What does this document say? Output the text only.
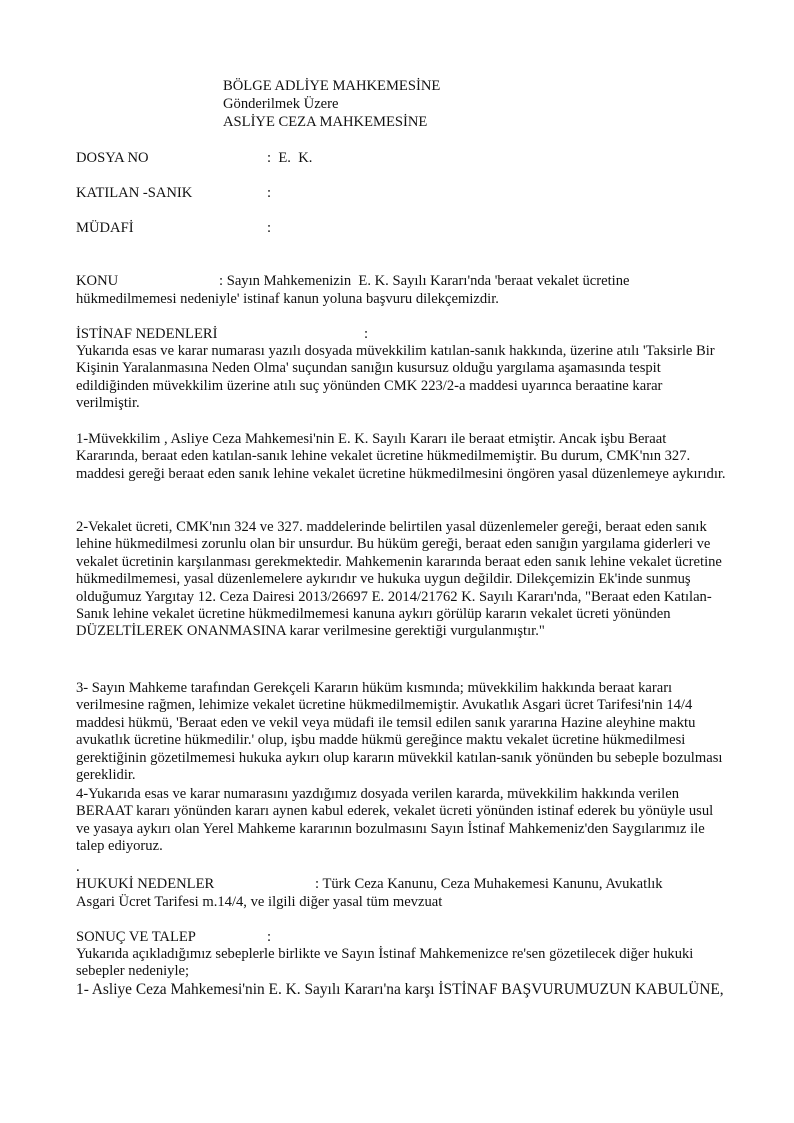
BÖLGE ADLİYE MAHKEMESİNE

Gönderilmek Üzere

ASLİYE CEZA MAHKEMESİNE

DOSYA NO	:  E.  K.

KATILAN -SANIK	:

MÜDAFİ	:

KONU	: Sayın Mahkemenizin  E. K. Sayılı Kararı'nda 'beraat vekalet ücretine

hükmedilmemesi nedeniyle' istinaf kanun yoluna başvuru dilekçemizdir.

İSTİNAF NEDENLERİ	:

Yukarıda esas ve karar numarası yazılı dosyada müvekkilim katılan-sanık hakkında, üzerine atılı 'Taksirle Bir Kişinin Yaralanmasına Neden Olma' suçundan sanığın kusursuz olduğu yargılama aşamasında tespit edildiğinden müvekkilim üzerine atılı suç yönünden CMK 223/2-a maddesi uyarınca beraatine karar verilmiştir.

1-Müvekkilim , Asliye Ceza Mahkemesi'nin E. K. Sayılı Kararı ile beraat etmiştir. Ancak işbu Beraat Kararında, beraat eden katılan-sanık lehine vekalet ücretine hükmedilmemiştir. Bu durum, CMK'nın 327. maddesi gereği beraat eden sanık lehine vekalet ücretine hükmedilmesini öngören yasal düzenlemeye aykırıdır.

2-Vekalet ücreti, CMK'nın 324 ve 327. maddelerinde belirtilen yasal düzenlemeler gereği, beraat eden sanık lehine hükmedilmesi zorunlu olan bir unsurdur. Bu hüküm gereği, beraat eden sanığın yargılama giderleri ve vekalet ücretinin karşılanması gerekmektedir. Mahkemenin kararında beraat eden sanık lehine vekalet ücretine hükmedilmemesi, yasal düzenlemelere aykırıdır ve hukuka uygun değildir. Dilekçemizin Ek'inde sunmuş olduğumuz Yargıtay 12. Ceza Dairesi 2013/26697 E. 2014/21762 K. Sayılı Kararı'nda, "Beraat eden Katılan-Sanık lehine vekalet ücretine hükmedilmemesi kanuna aykırı görülüp kararın vekalet ücreti yönünden DÜZELTİLEREK ONANMASINA karar verilmesine gerektiği vurgulanmıştır."

3- Sayın Mahkeme tarafından Gerekçeli Kararın hüküm kısmında; müvekkilim hakkında beraat kararı verilmesine rağmen, lehimize vekalet ücretine hükmedilmemiştir. Avukatlık Asgari ücret Tarifesi'nin 14/4 maddesi hükmü, 'Beraat eden ve vekil veya müdafi ile temsil edilen sanık yararına Hazine aleyhine maktu avukatlık ücretine hükmedilir.' olup, işbu madde hükmü gereğince maktu vekalet ücretine hükmedilmesi gerektiğinin gözetilmemesi hukuka aykırı olup kararın müvekkil katılan-sanık yönünden bu sebeple bozulması gereklidir.

4-Yukarıda esas ve karar numarasını yazdığımız dosyada verilen kararda, müvekkilim hakkında verilen BERAAT kararı yönünden kararı aynen kabul ederek, vekalet ücreti yönünden istinaf ederek bu yönüyle usul ve yasaya aykırı olan Yerel Mahkeme kararının bozulmasını Sayın İstinaf Mahkemeniz'den Saygılarımız ile talep ediyoruz.

.

HUKUKİ NEDENLER	: Türk Ceza Kanunu, Ceza Muhakemesi Kanunu, Avukatlık

Asgari Ücret Tarifesi m.14/4, ve ilgili diğer yasal tüm mevzuat

SONUÇ VE TALEP	:

Yukarıda açıkladığımız sebeplerle birlikte ve Sayın İstinaf Mahkemenizce re'sen gözetilecek diğer hukuki sebepler nedeniyle;

1- Asliye Ceza Mahkemesi'nin E. K. Sayılı Kararı'na karşı İSTİNAF BAŞVURUMUZUN KABULÜNE,
